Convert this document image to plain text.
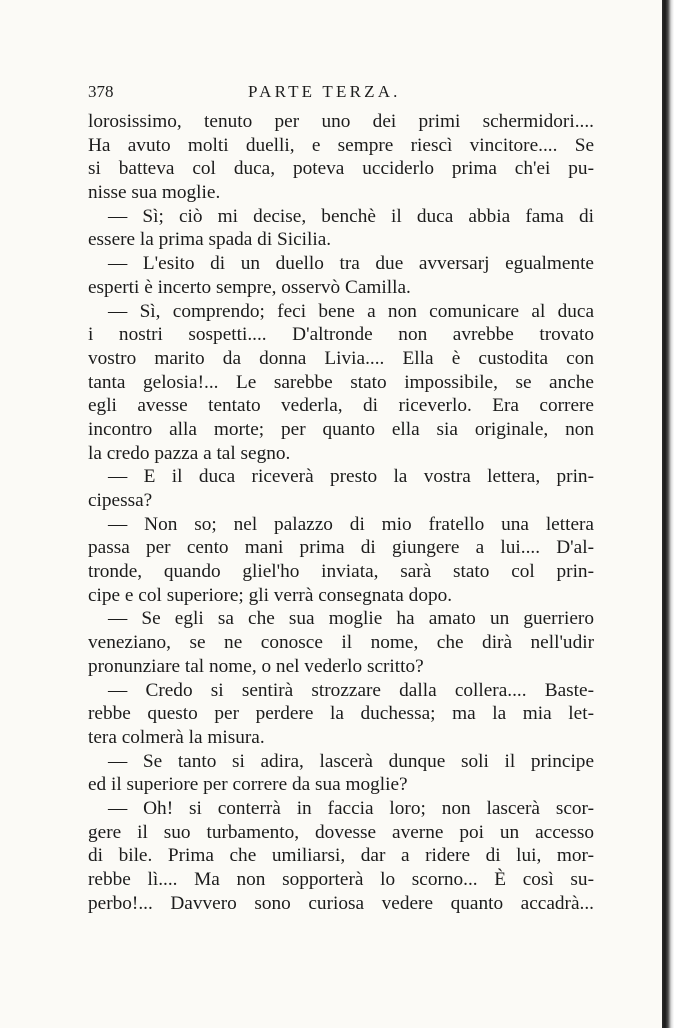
378	PARTE TERZA.
lorosissimo, tenuto per uno dei primi schermidori....
Ha avuto molti duelli, e sempre riescì vincitore.... Se
si batteva col duca, poteva ucciderlo prima ch'ei pu-
nisse sua moglie.
— Sì; ciò mi decise, benchè il duca abbia fama di
essere la prima spada di Sicilia.
— L'esito di un duello tra due avversarj egualmente
esperti è incerto sempre, osservò Camilla.
— Sì, comprendo; feci bene a non comunicare al duca
i nostri sospetti.... D'altronde non avrebbe trovato
vostro marito da donna Livia.... Ella è custodita con
tanta gelosia!... Le sarebbe stato impossibile, se anche
egli avesse tentato vederla, di riceverlo. Era correre
incontro alla morte; per quanto ella sia originale, non
la credo pazza a tal segno.
— E il duca riceverà presto la vostra lettera, prin-
cipessa?
— Non so; nel palazzo di mio fratello una lettera
passa per cento mani prima di giungere a lui.... D'al-
tronde, quando gliel'ho inviata, sarà stato col prin-
cipe e col superiore; gli verrà consegnata dopo.
— Se egli sa che sua moglie ha amato un guerriero
veneziano, se ne conosce il nome, che dirà nell'udir
pronunziare tal nome, o nel vederlo scritto?
— Credo si sentirà strozzare dalla collera.... Baste-
rebbe questo per perdere la duchessa; ma la mia let-
tera colmerà la misura.
— Se tanto si adira, lascerà dunque soli il principe
ed il superiore per correre da sua moglie?
— Oh! si conterrà in faccia loro; non lascerà scor-
gere il suo turbamento, dovesse averne poi un accesso
di bile. Prima che umiliarsi, dar a ridere di lui, mor-
rebbe lì.... Ma non sopporterà lo scorno... È così su-
perbo!... Davvero sono curiosa vedere quanto accadrà...
